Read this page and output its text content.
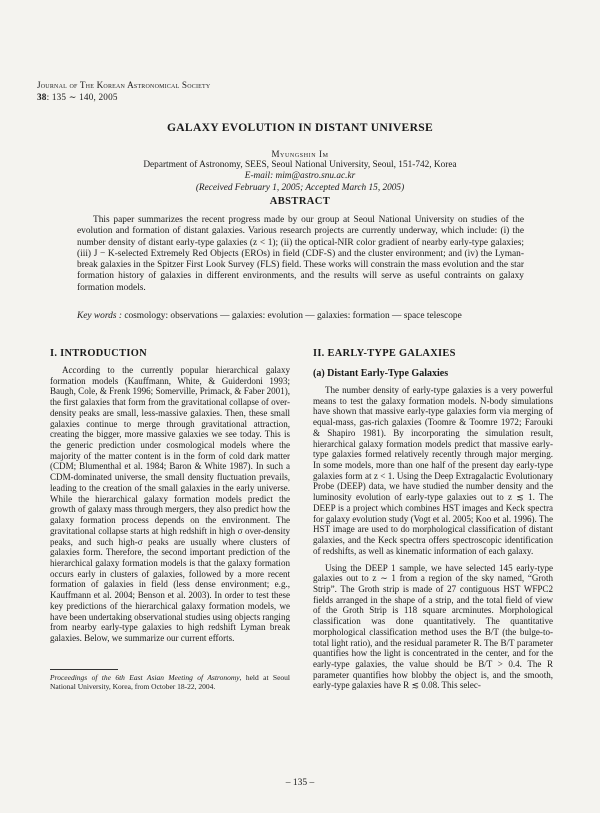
Journal of The Korean Astronomical Society
38: 135 ∼ 140, 2005
GALAXY EVOLUTION IN DISTANT UNIVERSE
Myungshin Im
Department of Astronomy, SEES, Seoul National University, Seoul, 151-742, Korea
E-mail: mim@astro.snu.ac.kr
(Received February 1, 2005; Accepted March 15, 2005)
ABSTRACT

This paper summarizes the recent progress made by our group at Seoul National University on studies of the evolution and formation of distant galaxies. Various research projects are currently underway, which include: (i) the number density of distant early-type galaxies (z < 1); (ii) the optical-NIR color gradient of nearby early-type galaxies; (iii) J − K-selected Extremely Red Objects (EROs) in field (CDF-S) and the cluster environment; and (iv) the Lyman-break galaxies in the Spitzer First Look Survey (FLS) field. These works will constrain the mass evolution and the star formation history of galaxies in different environments, and the results will serve as useful contraints on galaxy formation models.

Key words : cosmology: observations — galaxies: evolution — galaxies: formation — space telescope

I. INTRODUCTION

According to the currently popular hierarchical galaxy formation models (Kauffmann, White, & Guiderdoni 1993; Baugh, Cole, & Frenk 1996; Somerville, Primack, & Faber 2001), the first galaxies that form from the gravitational collapse of over-density peaks are small, less-massive galaxies. Then, these small galaxies continue to merge through gravitational attraction, creating the bigger, more massive galaxies we see today. This is the generic prediction under cosmological models where the majority of the matter content is in the form of cold dark matter (CDM; Blumenthal et al. 1984; Baron & White 1987). In such a CDM-dominated universe, the small density fluctuation prevails, leading to the creation of the small galaxies in the early universe. While the hierarchical galaxy formation models predict the growth of galaxy mass through mergers, they also predict how the galaxy formation process depends on the environment. The gravitational collapse starts at high redshift in high σ over-density peaks, and such high-σ peaks are usually where clusters of galaxies form. Therefore, the second important prediction of the hierarchical galaxy formation models is that the galaxy formation occurs early in clusters of galaxies, followed by a more recent formation of galaxies in field (less dense environment; e.g., Kauffmann et al. 2004; Benson et al. 2003). In order to test these key predictions of the hierarchical galaxy formation models, we have been undertaking observational studies using objects ranging from nearby early-type galaxies to high redshift Lyman break galaxies. Below, we summarize our current efforts.

Proceedings of the 6th East Asian Meeting of Astronomy, held at Seoul National University, Korea, from October 18-22, 2004.

II. EARLY-TYPE GALAXIES
(a) Distant Early-Type Galaxies

The number density of early-type galaxies is a very powerful means to test the galaxy formation models. N-body simulations have shown that massive early-type galaxies form via merging of equal-mass, gas-rich galaxies (Toomre & Toomre 1972; Farouki & Shapiro 1981). By incorporating the simulation result, hierarchical galaxy formation models predict that massive early-type galaxies formed relatively recently through major merging. In some models, more than one half of the present day early-type galaxies form at z < 1. Using the Deep Extragalactic Evolutionary Probe (DEEP) data, we have studied the number density and the luminosity evolution of early-type galaxies out to z ≲ 1. The DEEP is a project which combines HST images and Keck spectra for galaxy evolution study (Vogt et al. 2005; Koo et al. 1996). The HST image are used to do morphological classification of distant galaxies, and the Keck spectra offers spectroscopic identification of redshifts, as well as kinematic information of each galaxy.

Using the DEEP 1 sample, we have selected 145 early-type galaxies out to z ∼ 1 from a region of the sky named, “Groth Strip”. The Groth strip is made of 27 contiguous HST WFPC2 fields arranged in the shape of a strip, and the total field of view of the Groth Strip is 118 square arcminutes. Morphological classification was done quantitatively. The quantitative morphological classification method uses the B/T (the bulge-to-total light ratio), and the residual parameter R. The B/T parameter quantifies how the light is concentrated in the center, and for the early-type galaxies, the value should be B/T > 0.4. The R parameter quantifies how blobby the object is, and the smooth, early-type galaxies have R ≲ 0.08. This selec-

– 135 –
